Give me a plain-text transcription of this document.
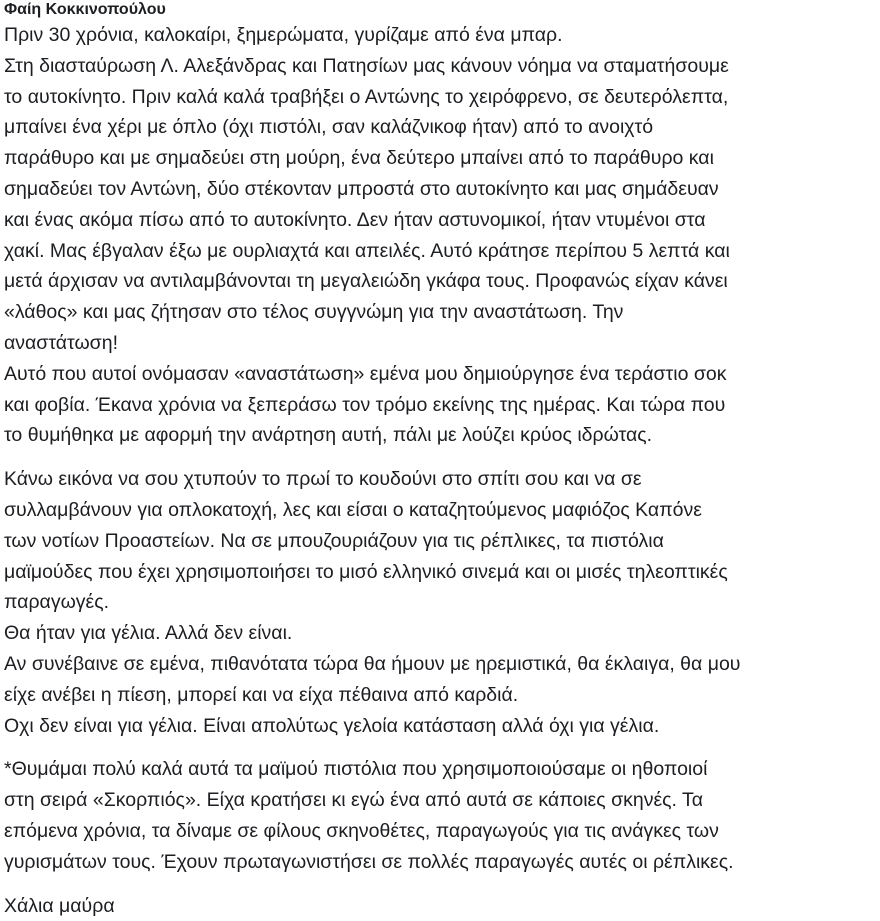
Φαίη Κοκκινοπούλου
Πριν 30 χρόνια, καλοκαίρι, ξημερώματα, γυρίζαμε από ένα μπαρ.
Στη διασταύρωση Λ. Αλεξάνδρας και Πατησίων μας κάνουν νόημα να σταματήσουμε
το αυτοκίνητο. Πριν καλά καλά τραβήξει ο Αντώνης το χειρόφρενο, σε δευτερόλεπτα,
μπαίνει ένα χέρι με όπλο (όχι πιστόλι, σαν καλάζνικοφ ήταν) από το ανοιχτό
παράθυρο και με σημαδεύει στη μούρη, ένα δεύτερο μπαίνει από το παράθυρο και
σημαδεύει τον Αντώνη, δύο στέκονταν μπροστά στο αυτοκίνητο και μας σημάδευαν
και ένας ακόμα πίσω από το αυτοκίνητο. Δεν ήταν αστυνομικοί, ήταν ντυμένοι στα
χακί. Μας έβγαλαν έξω με ουρλιαχτά και απειλές. Αυτό κράτησε περίπου 5 λεπτά και
μετά άρχισαν να αντιλαμβάνονται τη μεγαλειώδη γκάφα τους. Προφανώς είχαν κάνει
«λάθος» και μας ζήτησαν στο τέλος συγγνώμη για την αναστάτωση. Την
αναστάτωση!
Αυτό που αυτοί ονόμασαν «αναστάτωση» εμένα μου δημιούργησε ένα τεράστιο σοκ
και φοβία. Έκανα χρόνια να ξεπεράσω τον τρόμο εκείνης της ημέρας. Και τώρα που
το θυμήθηκα με αφορμή την ανάρτηση αυτή, πάλι με λούζει κρύος ιδρώτας.
Κάνω εικόνα να σου χτυπούν το πρωί το κουδούνι στο σπίτι σου και να σε
συλλαμβάνουν για οπλοκατοχή, λες και είσαι ο καταζητούμενος μαφιόζος Καπόνε
των νοτίων Προαστείων. Να σε μπουζουριάζουν για τις ρέπλικες, τα πιστόλια
μαϊμούδες που έχει χρησιμοποιήσει το μισό ελληνικό σινεμά και οι μισές τηλεοπτικές
παραγωγές.
Θα ήταν για γέλια. Αλλά δεν είναι.
Αν συνέβαινε σε εμένα, πιθανότατα τώρα θα ήμουν με ηρεμιστικά, θα έκλαιγα, θα μου
είχε ανέβει η πίεση, μπορεί και να είχα πέθαινα από καρδιά.
Οχι δεν είναι για γέλια. Είναι απολύτως γελοία κατάσταση αλλά όχι για γέλια.
*Θυμάμαι πολύ καλά αυτά τα μαϊμού πιστόλια που χρησιμοποιούσαμε οι ηθοποιοί
στη σειρά «Σκορπιός». Είχα κρατήσει κι εγώ ένα από αυτά σε κάποιες σκηνές. Τα
επόμενα χρόνια, τα δίναμε σε φίλους σκηνοθέτες, παραγωγούς για τις ανάγκες των
γυρισμάτων τους. Έχουν πρωταγωνιστήσει σε πολλές παραγωγές αυτές οι ρέπλικες.
Χάλια μαύρα
